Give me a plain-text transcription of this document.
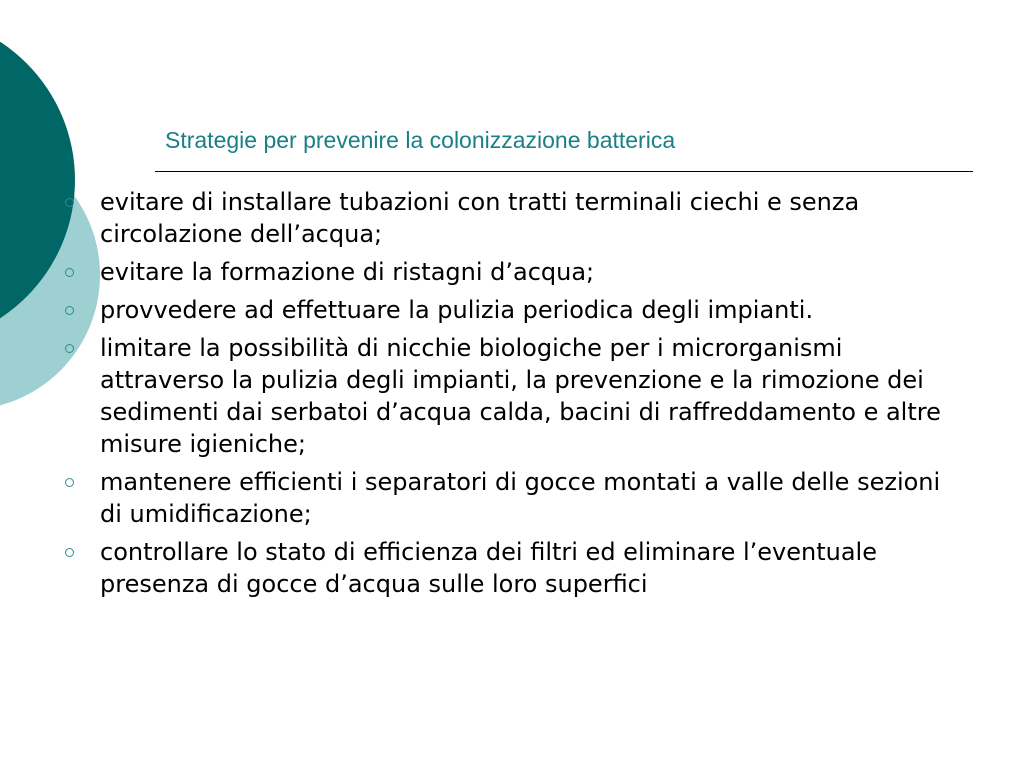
Strategie per prevenire la colonizzazione batterica
evitare di installare tubazioni con tratti terminali ciechi e senza circolazione dell’acqua;
evitare la formazione di ristagni d’acqua;
provvedere ad effettuare la pulizia periodica degli impianti.
limitare la possibilità di nicchie biologiche per i microrganismi attraverso la pulizia degli impianti, la prevenzione e la rimozione dei sedimenti dai serbatoi d’acqua calda, bacini di raffreddamento e altre misure igieniche;
mantenere efficienti i separatori di gocce montati a valle delle sezioni di umidificazione;
controllare lo stato di efficienza dei filtri ed eliminare l’eventuale presenza di gocce d’acqua sulle loro superfici
